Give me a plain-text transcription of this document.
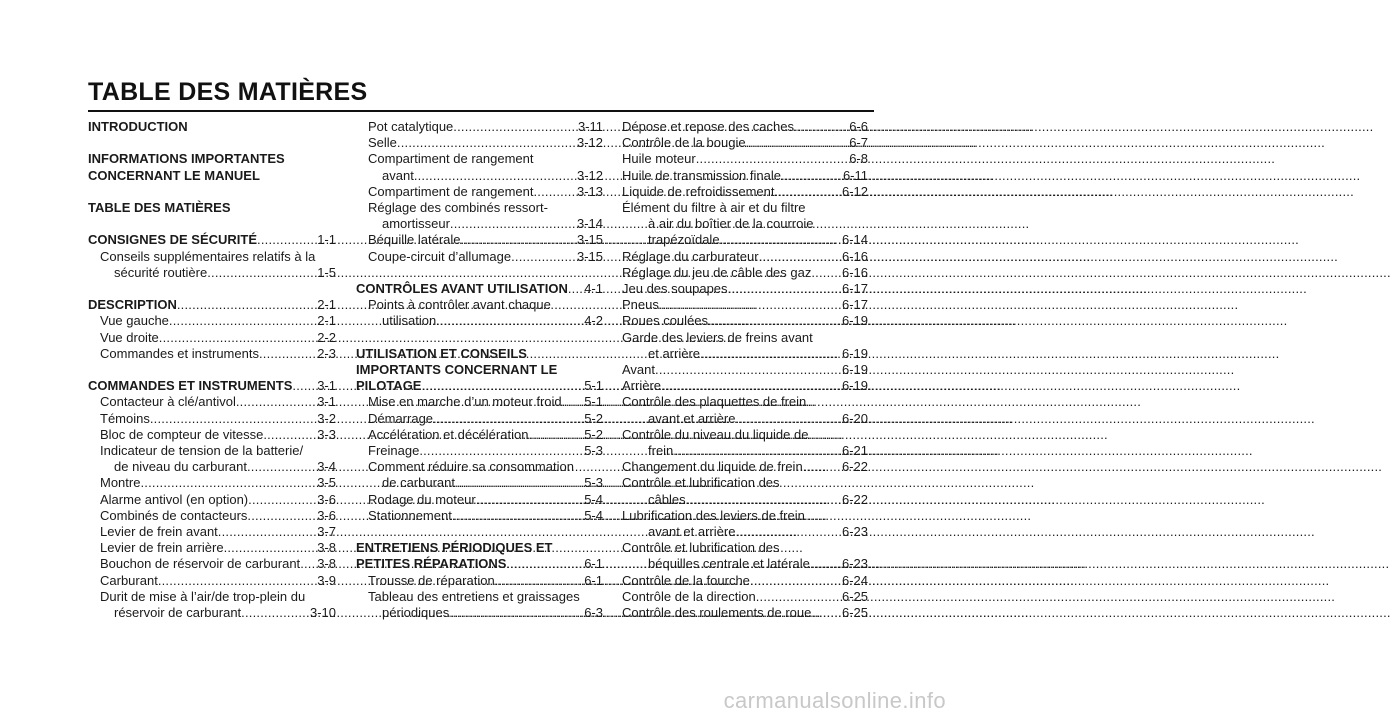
TABLE DES MATIÈRES
INTRODUCTION
INFORMATIONS IMPORTANTES
CONCERNANT LE MANUEL
TABLE DES MATIÈRES
CONSIGNES DE SÉCURITÉ .....	1-1
Conseils supplémentaires relatifs à la
sécurité routière .....	1-5
DESCRIPTION .....	2-1
Vue gauche .....	2-1
Vue droite .....	2-2
Commandes et instruments .....	2-3
COMMANDES ET INSTRUMENTS ..... 3-1
Contacteur à clé/antivol .....	3-1
Témoins .....	3-2
Bloc de compteur de vitesse .....	3-3
Indicateur de tension de la batterie/
de niveau du carburant .....	3-4
Montre .....	3-5
Alarme antivol (en option) .....	3-6
Combinés de contacteurs .....	3-6
Levier de frein avant .....	3-7
Levier de frein arrière .....	3-8
Bouchon de réservoir de carburant ..... 3-8
Carburant .....	3-9
Durit de mise à l’air/de trop-plein du
réservoir de carburant .....	3-10
Pot catalytique .....	3-11
Selle .....	3-12
Compartiment de rangement
avant .....	3-12
Compartiment de rangement .....	3-13
Réglage des combinés ressort-
amortisseur .....	3-14
Béquille latérale .....	3-15
Coupe-circuit d’allumage .....	3-15
CONTRÔLES AVANT UTILISATION ..... 4-1
Points à contrôler avant chaque
utilisation .....	4-2
UTILISATION ET CONSEILS
IMPORTANTS CONCERNANT LE
PILOTAGE .....	5-1
Mise en marche d’un moteur froid ..... 5-1
Démarrage .....	5-2
Accélération et décélération .....	5-2
Freinage .....	5-3
Comment réduire sa consommation
de carburant .....	5-3
Rodage du moteur .....	5-4
Stationnement .....	5-4
ENTRETIENS PÉRIODIQUES ET
PETITES RÉPARATIONS .....	6-1
Trousse de réparation .....	6-1
Tableau des entretiens et graissages
périodiques .....	6-3
Dépose et repose des caches .....	6-6
Contrôle de la bougie .....	6-7
Huile moteur .....	6-8
Huile de transmission finale .....	6-11
Liquide de refroidissement .....	6-12
Élément du filtre à air et du filtre
à air du boîtier de la courroie
trapézoïdale .....	6-14
Réglage du carburateur .....	6-16
Réglage du jeu de câble des gaz ..... 6-16
Jeu des soupapes .....	6-17
Pneus .....	6-17
Roues coulées .....	6-19
Garde des leviers de freins avant
et arrière .....	6-19
Avant .....	6-19
Arrière .....	6-19
Contrôle des plaquettes de frein
avant et arrière .....	6-20
Contrôle du niveau du liquide de
frein .....	6-21
Changement du liquide de frein .....	6-22
Contrôle et lubrification des
câbles .....	6-22
Lubrification des leviers de frein
avant et arrière .....	6-23
Contrôle et lubrification des
béquilles centrale et latérale ..... 6-23
Contrôle de la fourche .....	6-24
Contrôle de la direction .....	6-25
Contrôle des roulements de roue ..... 6-25
carmanualsonline.info
